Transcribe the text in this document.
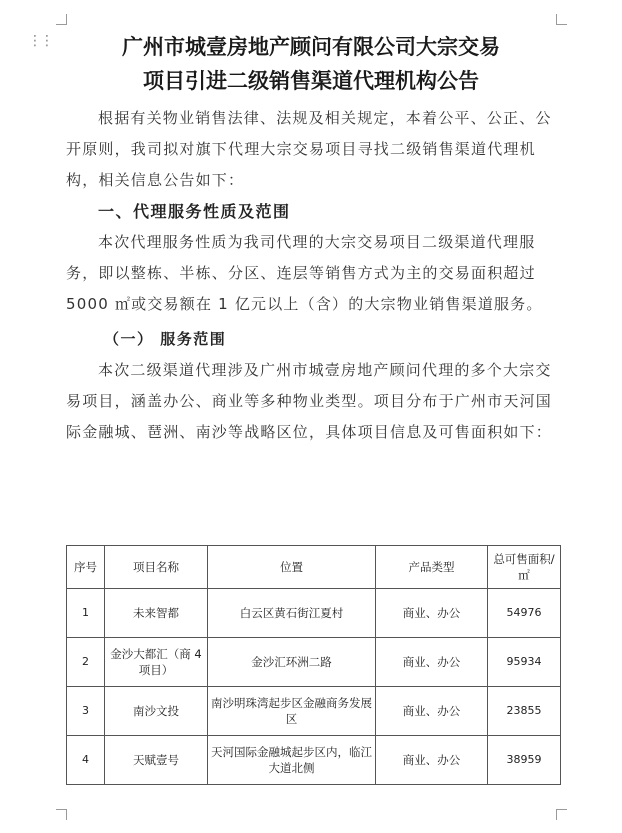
⋮⋮	广州市城壹房地产顾问有限公司大宗交易
项目引进二级销售渠道代理机构公告

根据有关物业销售法律、法规及相关规定，本着公平、公正、公开原则，我司拟对旗下代理大宗交易项目寻找二级销售渠道代理机构，相关信息公告如下：

一、代理服务性质及范围

本次代理服务性质为我司代理的大宗交易项目二级渠道代理服务，即以整栋、半栋、分区、连层等销售方式为主的交易面积超过 5000 ㎡或交易额在 1 亿元以上（含）的大宗物业销售渠道服务。

（一） 服务范围

本次二级渠道代理涉及广州市城壹房地产顾问代理的多个大宗交易项目，涵盖办公、商业等多种物业类型。项目分布于广州市天河国际金融城、琶洲、南沙等战略区位，具体项目信息及可售面积如下：

序号	项目名称	位置	产品类型	总可售面积/㎡
1	未来智都	白云区黄石街江夏村	商业、办公	54976
2	金沙大都汇（商 4 项目）	金沙汇环洲二路	商业、办公	95934
3	南沙文投	南沙明珠湾起步区金融商务发展区	商业、办公	23855
4	天赋壹号	天河国际金融城起步区内，临江大道北侧	商业、办公	38959
